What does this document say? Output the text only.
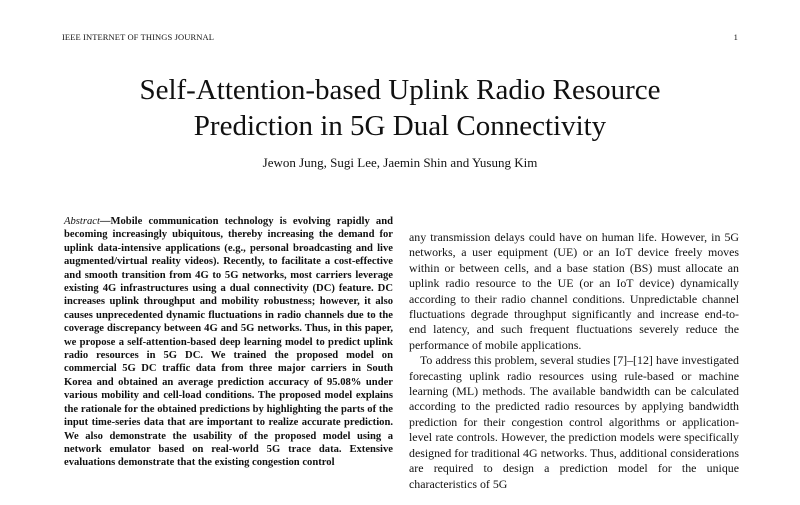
IEEE INTERNET OF THINGS JOURNAL	1
Self-Attention-based Uplink Radio Resource
Prediction in 5G Dual Connectivity
Jewon Jung, Sugi Lee, Jaemin Shin and Yusung Kim

Abstract—Mobile communication technology is evolving rapidly and becoming increasingly ubiquitous, thereby increasing the demand for uplink data-intensive applications (e.g., personal broadcasting and live augmented/virtual reality videos). Recently, to facilitate a cost-effective and smooth transition from 4G to 5G networks, most carriers leverage existing 4G infrastructures using a dual connectivity (DC) feature. DC increases uplink throughput and mobility robustness; however, it also causes unprecedented dynamic fluctuations in radio channels due to the coverage discrepancy between 4G and 5G networks. Thus, in this paper, we propose a self-attention-based deep learning model to predict uplink radio resources in 5G DC. We trained the proposed model on commercial 5G DC traffic data from three major carriers in South Korea and obtained an average prediction accuracy of 95.08% under various mobility and cell-load conditions. The proposed model explains the rationale for the obtained predictions by highlighting the parts of the input time-series data that are important to realize accurate prediction. We also demonstrate the usability of the proposed model using a network emulator based on real-world 5G trace data. Extensive evaluations demonstrate that the existing congestion control

any transmission delays could have on human life. However, in 5G networks, a user equipment (UE) or an IoT device freely moves within or between cells, and a base station (BS) must allocate an uplink radio resource to the UE (or an IoT device) dynamically according to their radio channel conditions. Unpredictable channel fluctuations degrade throughput significantly and increase end-to-end latency, and such frequent fluctuations severely reduce the performance of mobile applications.

To address this problem, several studies [7]–[12] have investigated forecasting uplink radio resources using rule-based or machine learning (ML) methods. The available bandwidth can be calculated according to the predicted radio resources by applying bandwidth prediction for their congestion control algorithms or application-level rate controls. However, the prediction models were specifically designed for traditional 4G networks. Thus, additional considerations are required to design a prediction model for the unique characteristics of 5G
